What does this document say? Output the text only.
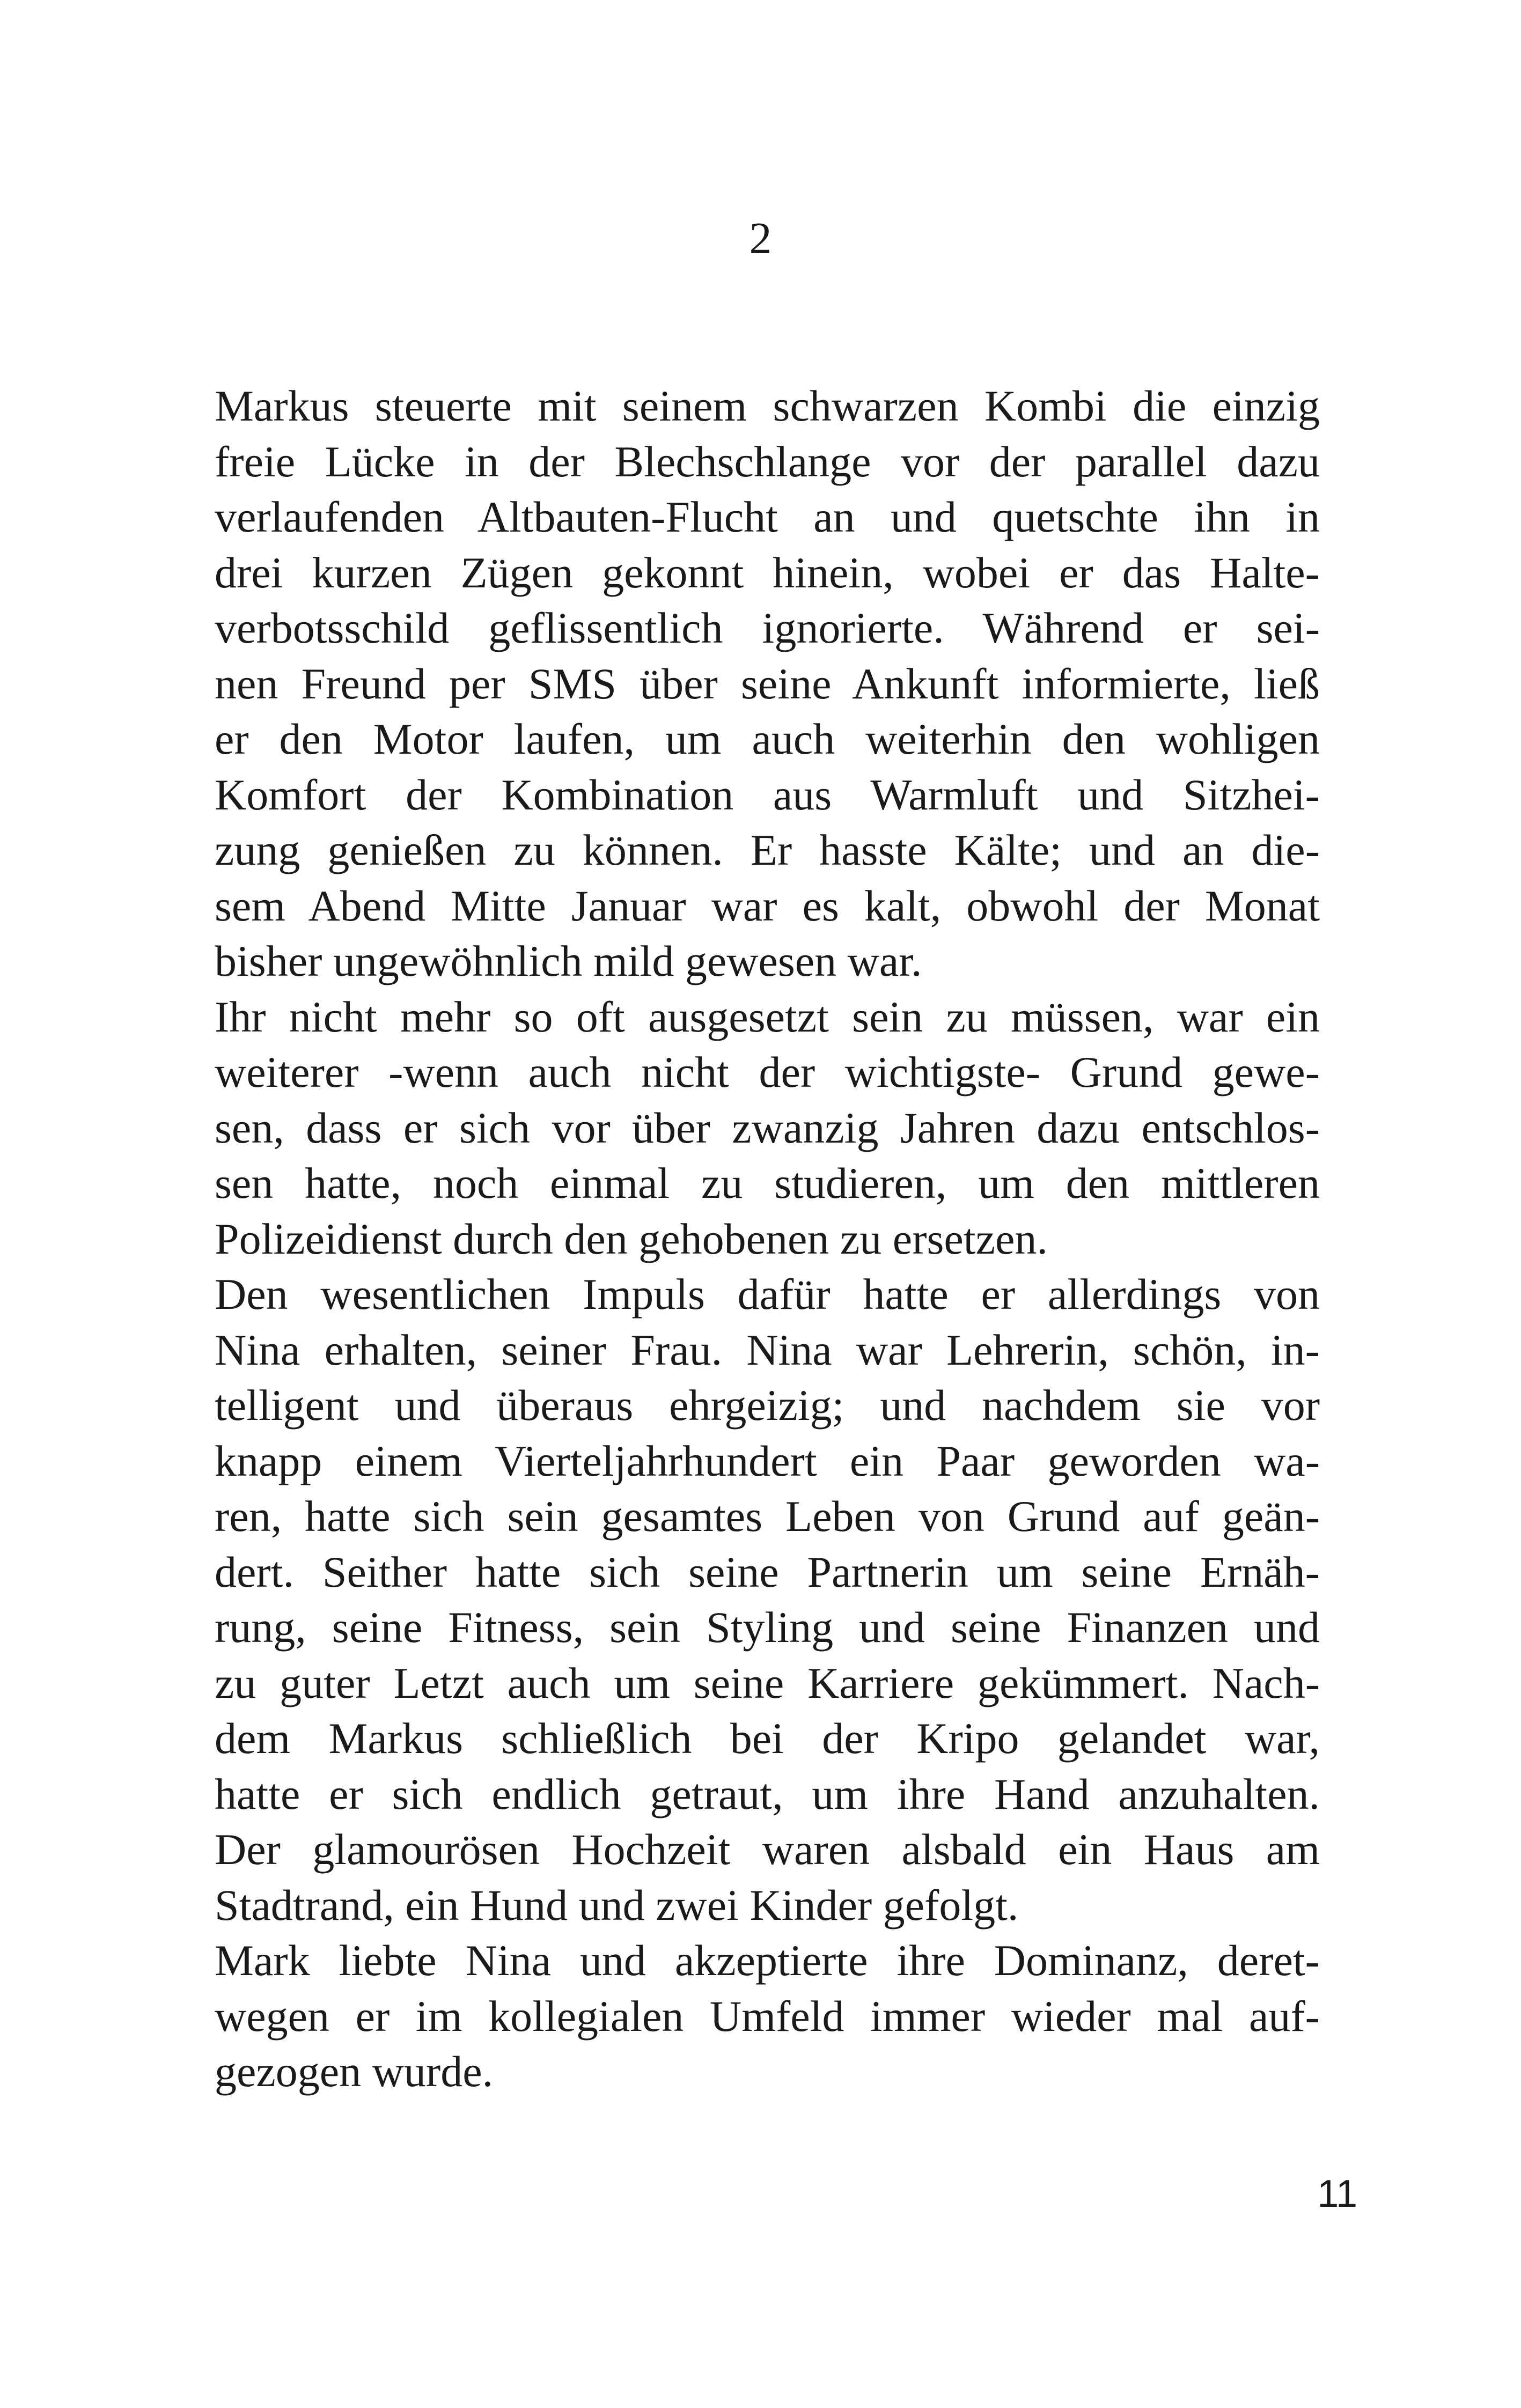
2
Markus steuerte mit seinem schwarzen Kombi die einzig
freie Lücke in der Blechschlange vor der parallel dazu
verlaufenden Altbauten-Flucht an und quetschte ihn in
drei kurzen Zügen gekonnt hinein, wobei er das Halte-
verbotsschild geflissentlich ignorierte. Während er sei-
nen Freund per SMS über seine Ankunft informierte, ließ
er den Motor laufen, um auch weiterhin den wohligen
Komfort der Kombination aus Warmluft und Sitzhei-
zung genießen zu können. Er hasste Kälte; und an die-
sem Abend Mitte Januar war es kalt, obwohl der Monat
bisher ungewöhnlich mild gewesen war.
Ihr nicht mehr so oft ausgesetzt sein zu müssen, war ein
weiterer -wenn auch nicht der wichtigste- Grund gewe-
sen, dass er sich vor über zwanzig Jahren dazu entschlos-
sen hatte, noch einmal zu studieren, um den mittleren
Polizeidienst durch den gehobenen zu ersetzen.
Den wesentlichen Impuls dafür hatte er allerdings von
Nina erhalten, seiner Frau. Nina war Lehrerin, schön, in-
telligent und überaus ehrgeizig; und nachdem sie vor
knapp einem Vierteljahrhundert ein Paar geworden wa-
ren, hatte sich sein gesamtes Leben von Grund auf geän-
dert. Seither hatte sich seine Partnerin um seine Ernäh-
rung, seine Fitness, sein Styling und seine Finanzen und
zu guter Letzt auch um seine Karriere gekümmert. Nach-
dem Markus schließlich bei der Kripo gelandet war,
hatte er sich endlich getraut, um ihre Hand anzuhalten.
Der glamourösen Hochzeit waren alsbald ein Haus am
Stadtrand, ein Hund und zwei Kinder gefolgt.
Mark liebte Nina und akzeptierte ihre Dominanz, deret-
wegen er im kollegialen Umfeld immer wieder mal auf-
gezogen wurde.
11
